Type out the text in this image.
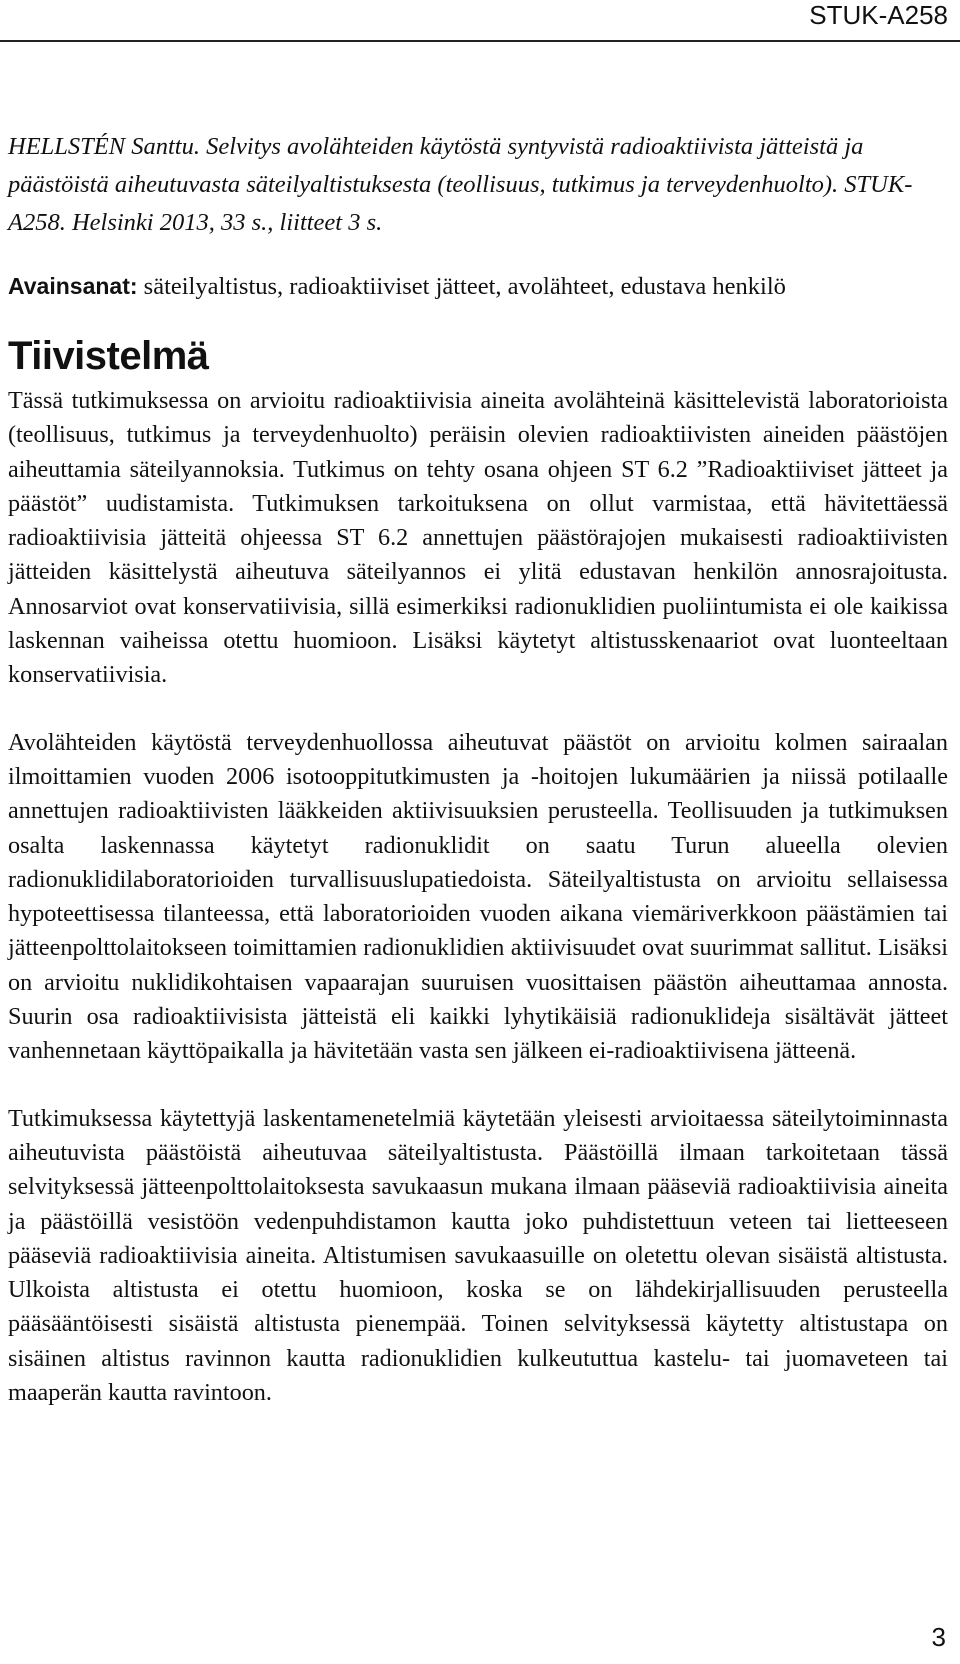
STUK-A258

HELLSTÉN Santtu. Selvitys avolähteiden käytöstä syntyvistä radioaktiivista jätteistä ja päästöistä aiheutuvasta säteilyaltistuksesta (teollisuus, tutkimus ja terveydenhuolto). STUK-A258. Helsinki 2013, 33 s., liitteet 3 s.

Avainsanat: säteilyaltistus, radioaktiiviset jätteet, avolähteet, edustava henkilö

Tiivistelmä

Tässä tutkimuksessa on arvioitu radioaktiivisia aineita avolähteinä käsittelevistä laboratorioista (teollisuus, tutkimus ja terveydenhuolto) peräisin olevien radioaktiivisten aineiden päästöjen aiheuttamia säteilyannoksia. Tutkimus on tehty osana ohjeen ST 6.2 ”Radioaktiiviset jätteet ja päästöt” uudistamista. Tutkimuksen tarkoituksena on ollut varmistaa, että hävitettäessä radioaktiivisia jätteitä ohjeessa ST 6.2 annettujen päästörajojen mukaisesti radioaktiivisten jätteiden käsittelystä aiheutuva säteilyannos ei ylitä edustavan henkilön annosrajoitusta. Annosarviot ovat konservatiivisia, sillä esimerkiksi radionuklidien puoliintumista ei ole kaikissa laskennan vaiheissa otettu huomioon. Lisäksi käytetyt altistusskenaariot ovat luonteeltaan konservatiivisia.

Avolähteiden käytöstä terveydenhuollossa aiheutuvat päästöt on arvioitu kolmen sairaalan ilmoittamien vuoden 2006 isotooppitutkimusten ja -hoitojen lukumäärien ja niissä potilaalle annettujen radioaktiivisten lääkkeiden aktiivisuuksien perusteella. Teollisuuden ja tutkimuksen osalta laskennassa käytetyt radionuklidit on saatu Turun alueella olevien radionuklidilaboratorioiden turvallisuuslupatiedoista. Säteilyaltistusta on arvioitu sellaisessa hypoteettisessa tilanteessa, että laboratorioiden vuoden aikana viemäriverkkoon päästämien tai jätteenpolttolaitokseen toimittamien radionuklidien aktiivisuudet ovat suurimmat sallitut. Lisäksi on arvioitu nuklidikohtaisen vapaarajan suuruisen vuosittaisen päästön aiheuttamaa annosta. Suurin osa radioaktiivisista jätteistä eli kaikki lyhytikäisiä radionuklideja sisältävät jätteet vanhennetaan käyttöpaikalla ja hävitetään vasta sen jälkeen ei-radioaktiivisena jätteenä.

Tutkimuksessa käytettyjä laskentamenetelmiä käytetään yleisesti arvioitaessa säteilytoiminnasta aiheutuvista päästöistä aiheutuvaa säteilyaltistusta. Päästöillä ilmaan tarkoitetaan tässä selvityksessä jätteenpolttolaitoksesta savukaasun mukana ilmaan pääseviä radioaktiivisia aineita ja päästöillä vesistöön vedenpuhdistamon kautta joko puhdistettuun veteen tai lietteeseen pääseviä radioaktiivisia aineita. Altistumisen savukaasuille on oletettu olevan sisäistä altistusta. Ulkoista altistusta ei otettu huomioon, koska se on lähdekirjallisuuden perusteella pääsääntöisesti sisäistä altistusta pienempää. Toinen selvityksessä käytetty altistustapa on sisäinen altistus ravinnon kautta radionuklidien kulkeututtua kastelu- tai juomaveteen tai maaperän kautta ravintoon.

3
